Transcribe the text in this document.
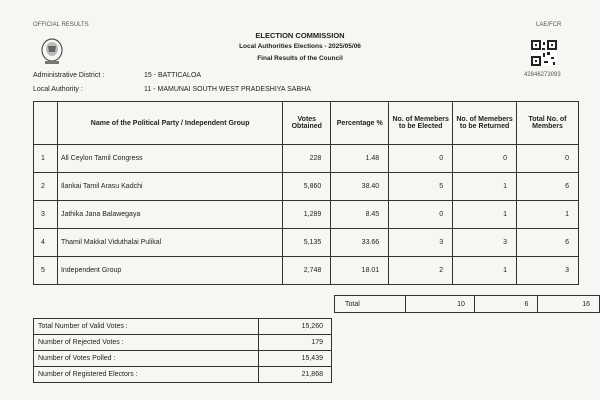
OFFICIAL RESULTS	LAE/FCR
ELECTION COMMISSION
Local Authorities Elections - 2025/05/06
Final Results of the Council
42846273093
Administrative District :	15 - BATTICALOA
Local Authority :	11 - MAMUNAI SOUTH WEST PRADESHIYA SABHA
	Name of the Political Party / Independent Group	Votes Obtained	Percentage %	No. of Memebers to be Elected	No. of Memebers to be Returned	Total No. of Members
1	All Ceylon Tamil Congress	228	1.48	0	0	0
2	Ilankai Tamil Arasu Kadchi	5,860	38.40	5	1	6
3	Jathika Jana Balawegaya	1,289	8.45	0	1	1
4	Thamil Makkal Viduthalai Pulikal	5,135	33.66	3	3	6
5	Independent Group	2,748	18.01	2	1	3
Total	10	6	16
Total Number of Valid Votes :	15,260
Number of Rejected Votes :	179
Number of Votes Polled :	15,439
Number of Registered Electors :	21,868
